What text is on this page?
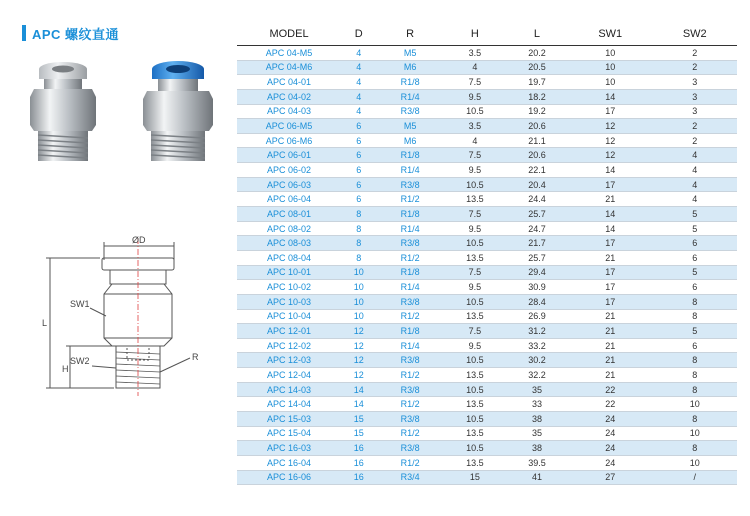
APC 螺纹直通
ØD
SW1
SW2
L
H
R
MODEL	D	R	H	L	SW1	SW2
APC 04-M5	4	M5	3.5	20.2	10	2
APC 04-M6	4	M6	4	20.5	10	2
APC 04-01	4	R1/8	7.5	19.7	10	3
APC 04-02	4	R1/4	9.5	18.2	14	3
APC 04-03	4	R3/8	10.5	19.2	17	3
APC 06-M5	6	M5	3.5	20.6	12	2
APC 06-M6	6	M6	4	21.1	12	2
APC 06-01	6	R1/8	7.5	20.6	12	4
APC 06-02	6	R1/4	9.5	22.1	14	4
APC 06-03	6	R3/8	10.5	20.4	17	4
APC 06-04	6	R1/2	13.5	24.4	21	4
APC 08-01	8	R1/8	7.5	25.7	14	5
APC 08-02	8	R1/4	9.5	24.7	14	5
APC 08-03	8	R3/8	10.5	21.7	17	6
APC 08-04	8	R1/2	13.5	25.7	21	6
APC 10-01	10	R1/8	7.5	29.4	17	5
APC 10-02	10	R1/4	9.5	30.9	17	6
APC 10-03	10	R3/8	10.5	28.4	17	8
APC 10-04	10	R1/2	13.5	26.9	21	8
APC 12-01	12	R1/8	7.5	31.2	21	5
APC 12-02	12	R1/4	9.5	33.2	21	6
APC 12-03	12	R3/8	10.5	30.2	21	8
APC 12-04	12	R1/2	13.5	32.2	21	8
APC 14-03	14	R3/8	10.5	35	22	8
APC 14-04	14	R1/2	13.5	33	22	10
APC 15-03	15	R3/8	10.5	38	24	8
APC 15-04	15	R1/2	13.5	35	24	10
APC 16-03	16	R3/8	10.5	38	24	8
APC 16-04	16	R1/2	13.5	39.5	24	10
APC 16-06	16	R3/4	15	41	27	/
